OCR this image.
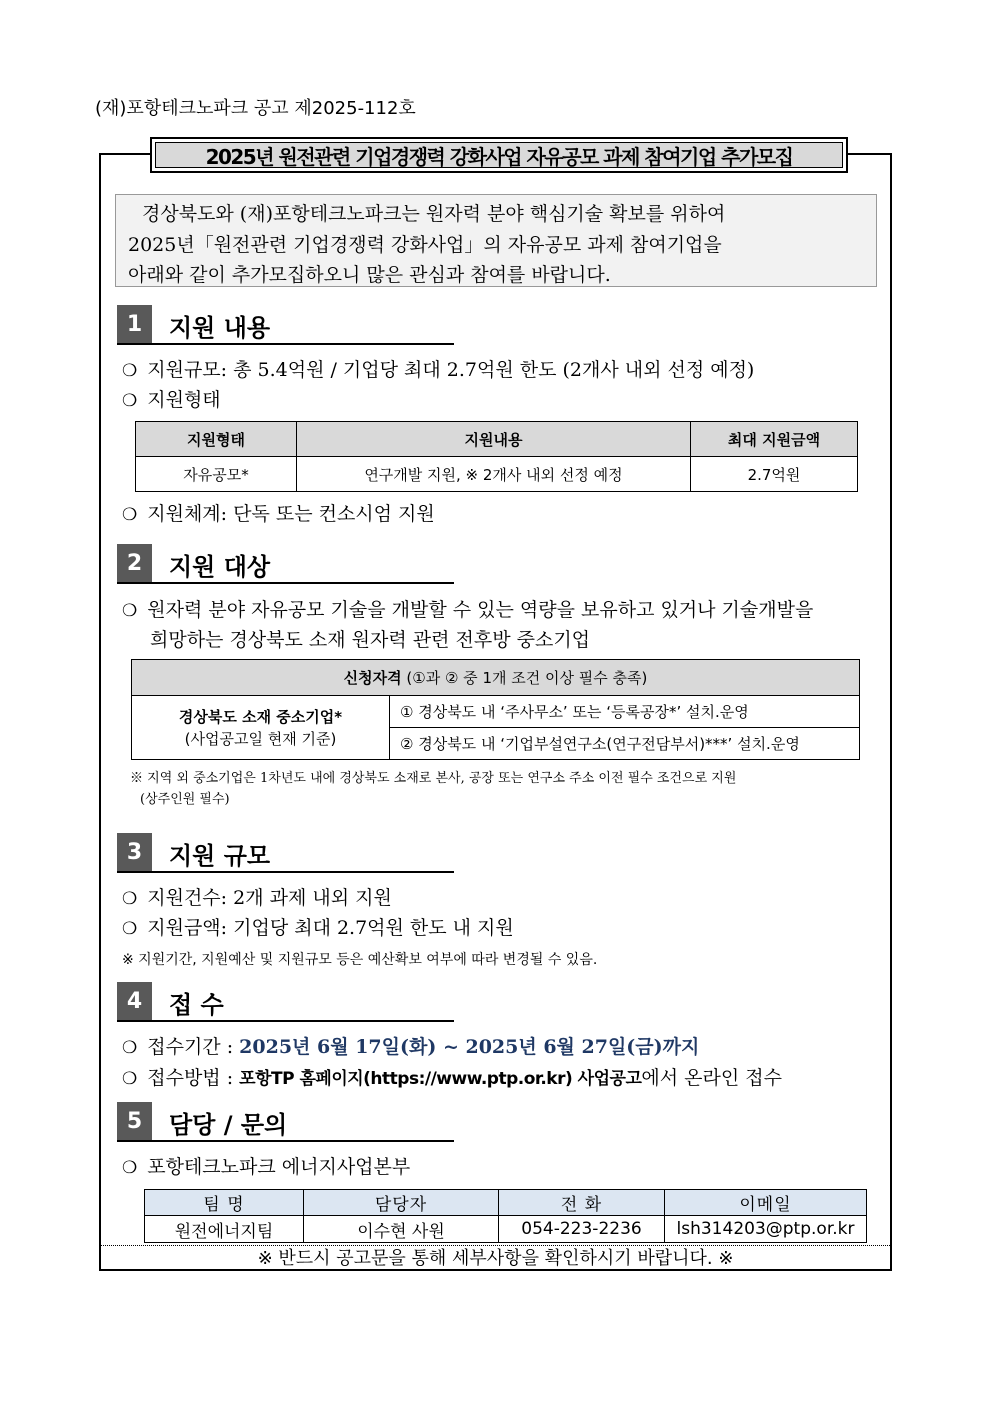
(재)포항테크노파크 공고 제2025-112호
2025년 원전관련 기업경쟁력 강화사업 자유공모 과제 참여기업 추가모집
경상북도와 (재)포항테크노파크는 원자력 분야 핵심기술 확보를 위하여
2025년「원전관련 기업경쟁력 강화사업」의 자유공모 과제 참여기업을
아래와 같이 추가모집하오니 많은 관심과 참여를 바랍니다.
1	지원 내용
❍ 지원규모: 총 5.4억원 / 기업당 최대 2.7억원 한도 (2개사 내외 선정 예정)
❍ 지원형태
지원형태	지원내용	최대 지원금액
자유공모*	연구개발 지원, ※ 2개사 내외 선정 예정	2.7억원
❍ 지원체계: 단독 또는 컨소시엄 지원
2	지원 대상
❍ 원자력 분야 자유공모 기술을 개발할 수 있는 역량을 보유하고 있거나 기술개발을
희망하는 경상북도 소재 원자력 관련 전후방 중소기업
신청자격 (①과 ② 중 1개 조건 이상 필수 충족)
경상북도 소재 중소기업*
(사업공고일 현재 기준)	① 경상북도 내 ‘주사무소’ 또는 ‘등록공장*’ 설치.운영
② 경상북도 내 ‘기업부설연구소(연구전담부서)***’ 설치.운영
※ 지역 외 중소기업은 1차년도 내에 경상북도 소재로 본사, 공장 또는 연구소 주소 이전 필수 조건으로 지원
(상주인원 필수)
3	지원 규모
❍ 지원건수: 2개 과제 내외 지원
❍ 지원금액: 기업당 최대 2.7억원 한도 내 지원
※ 지원기간, 지원예산 및 지원규모 등은 예산확보 여부에 따라 변경될 수 있음.
4	접 수
❍ 접수기간 : 2025년 6월 17일(화) ~ 2025년 6월 27일(금)까지
❍ 접수방법 : 포항TP 홈페이지(https://www.ptp.or.kr) 사업공고에서 온라인 접수
5	담당 / 문의
❍ 포항테크노파크 에너지사업본부
팀 명	담당자	전 화	이메일
원전에너지팀	이수현 사원	054-223-2236	lsh314203@ptp.or.kr
※ 반드시 공고문을 통해 세부사항을 확인하시기 바랍니다. ※
